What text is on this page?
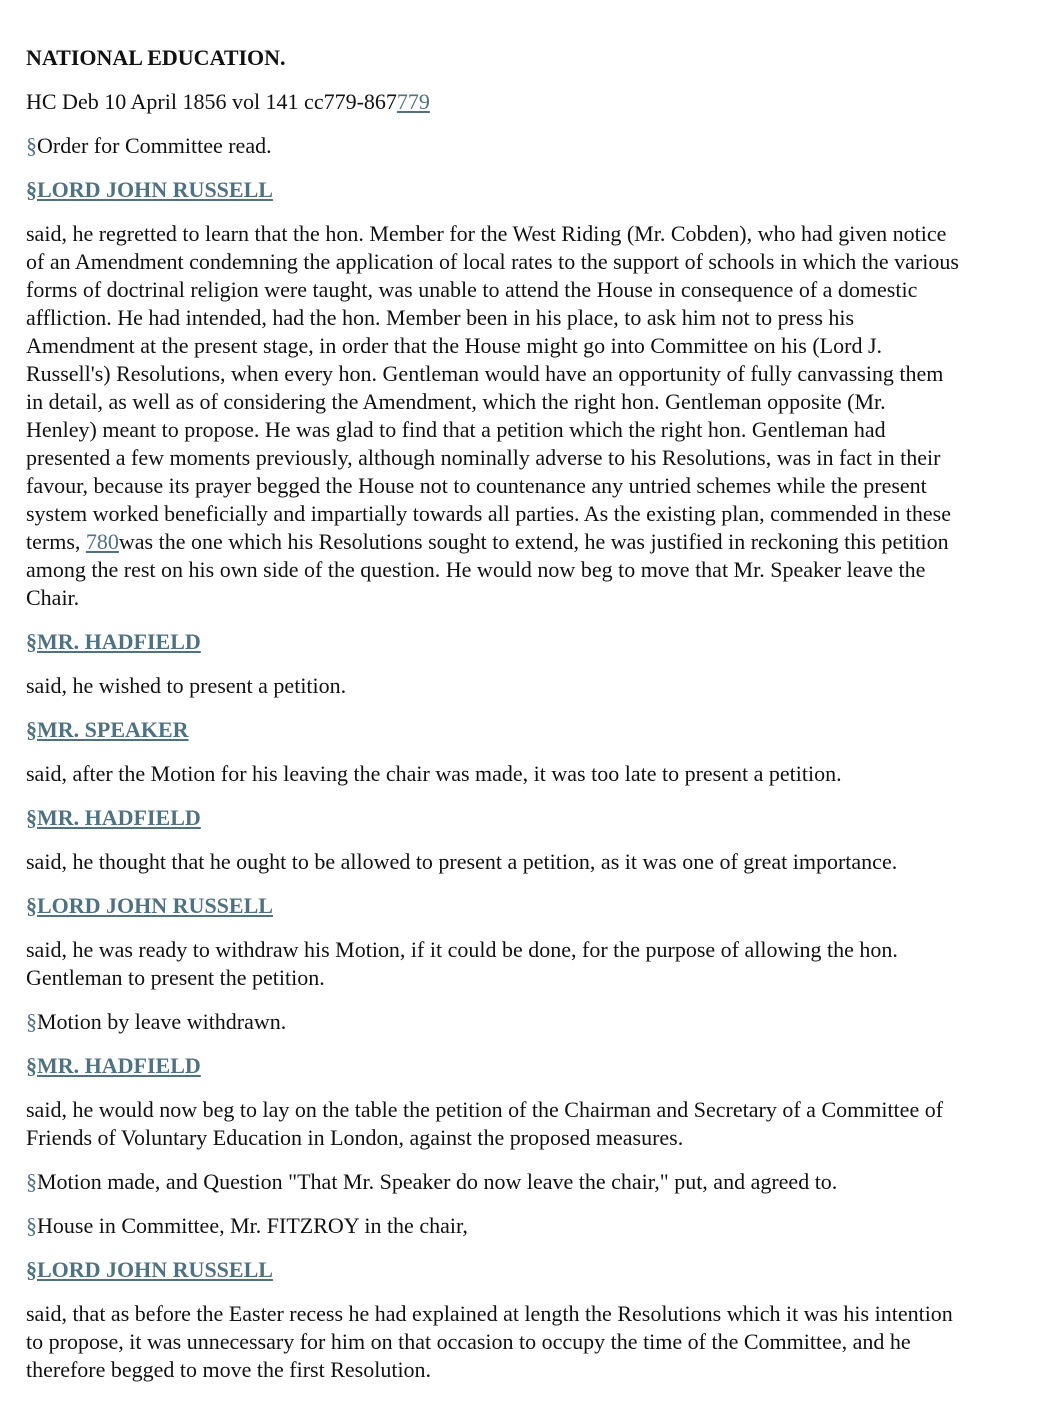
NATIONAL EDUCATION.

HC Deb 10 April 1856 vol 141 cc779-867779

§Order for Committee read.

§LORD JOHN RUSSELL

said, he regretted to learn that the hon. Member for the West Riding (Mr. Cobden), who had given notice of an Amendment condemning the application of local rates to the support of schools in which the various forms of doctrinal religion were taught, was unable to attend the House in consequence of a domestic affliction. He had intended, had the hon. Member been in his place, to ask him not to press his Amendment at the present stage, in order that the House might go into Committee on his (Lord J. Russell's) Resolutions, when every hon. Gentleman would have an opportunity of fully canvassing them in detail, as well as of considering the Amendment, which the right hon. Gentleman opposite (Mr. Henley) meant to propose. He was glad to find that a petition which the right hon. Gentleman had presented a few moments previously, although nominally adverse to his Resolutions, was in fact in their favour, because its prayer begged the House not to countenance any untried schemes while the present system worked beneficially and impartially towards all parties. As the existing plan, commended in these terms, 780was the one which his Resolutions sought to extend, he was justified in reckoning this petition among the rest on his own side of the question. He would now beg to move that Mr. Speaker leave the Chair.

§MR. HADFIELD

said, he wished to present a petition.

§MR. SPEAKER

said, after the Motion for his leaving the chair was made, it was too late to present a petition.

§MR. HADFIELD

said, he thought that he ought to be allowed to present a petition, as it was one of great importance.

§LORD JOHN RUSSELL

said, he was ready to withdraw his Motion, if it could be done, for the purpose of allowing the hon. Gentleman to present the petition.

§Motion by leave withdrawn.

§MR. HADFIELD

said, he would now beg to lay on the table the petition of the Chairman and Secretary of a Committee of Friends of Voluntary Education in London, against the proposed measures.

§Motion made, and Question "That Mr. Speaker do now leave the chair," put, and agreed to.

§House in Committee, Mr. FITZROY in the chair,

§LORD JOHN RUSSELL

said, that as before the Easter recess he had explained at length the Resolutions which it was his intention to propose, it was unnecessary for him on that occasion to occupy the time of the Committee, and he therefore begged to move the first Resolution.
